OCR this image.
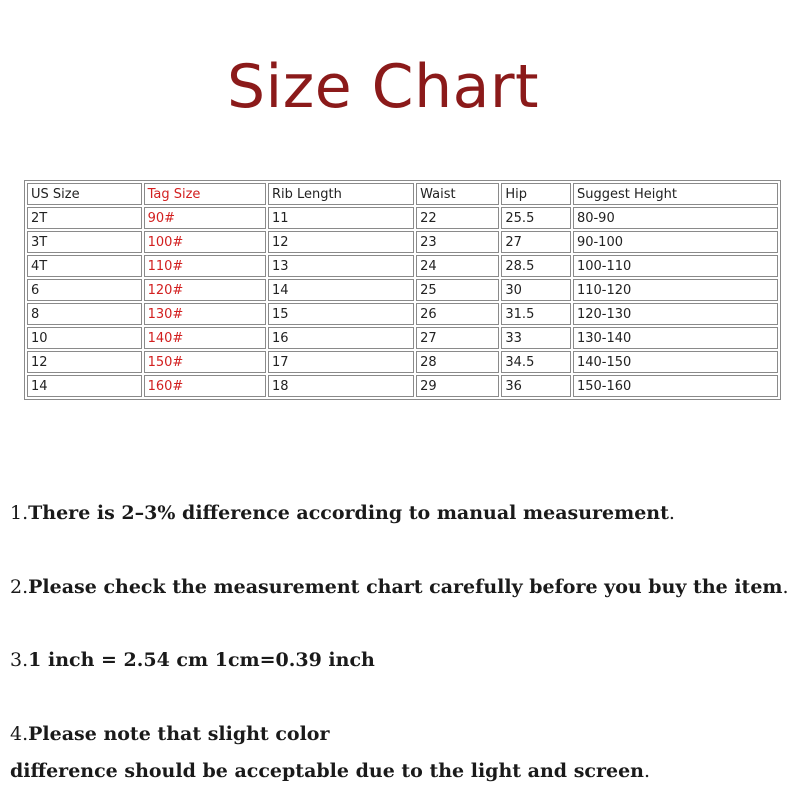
Size Chart
US Size	Tag Size	Rib Length	Waist	Hip	Suggest Height
2T	90#	11	22	25.5	80-90
3T	100#	12	23	27	90-100
4T	110#	13	24	28.5	100-110
6	120#	14	25	30	110-120
8	130#	15	26	31.5	120-130
10	140#	16	27	33	130-140
12	150#	17	28	34.5	140-150
14	160#	18	29	36	150-160
1.There is 2–3% difference according to manual measurement.
2.Please check the measurement chart carefully before you buy the item.
3.1 inch = 2.54 cm 1cm=0.39 inch
4.Please note that slight color
difference should be acceptable due to the light and screen.
